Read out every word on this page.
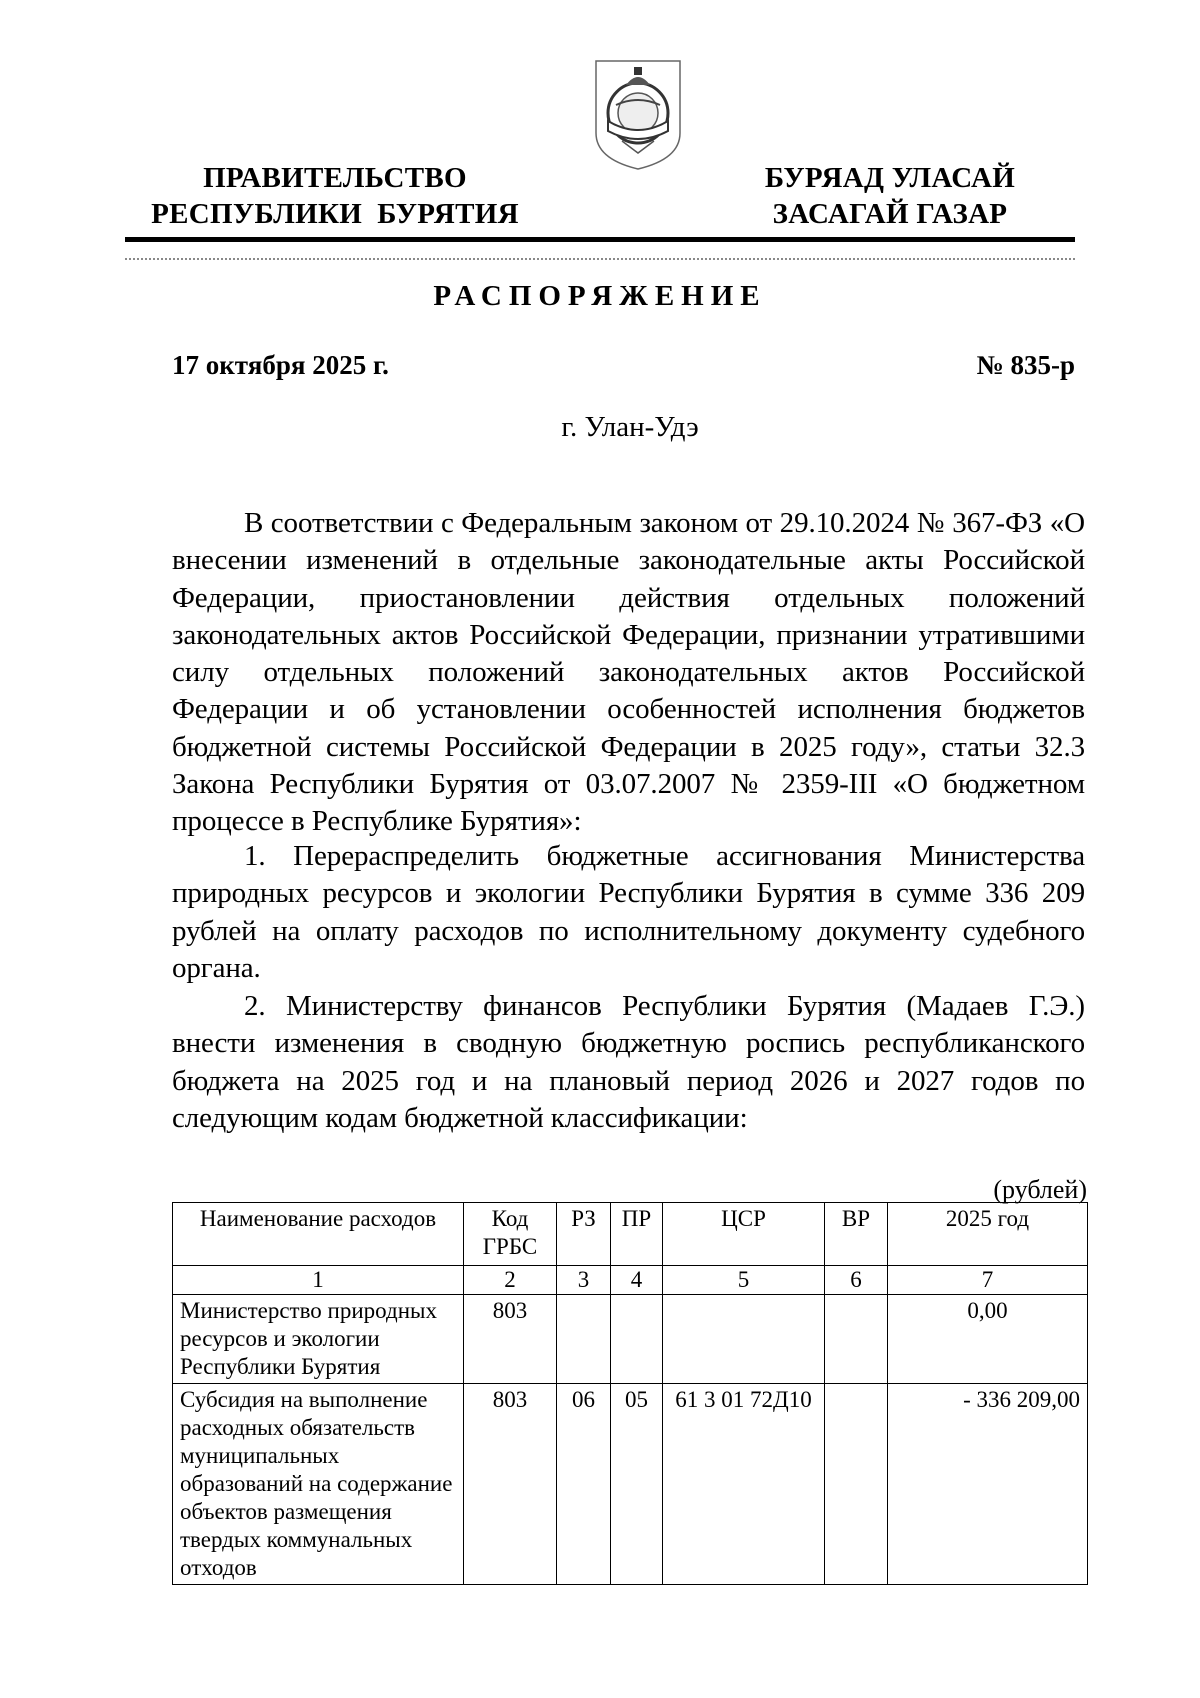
ПРАВИТЕЛЬСТВО
РЕСПУБЛИКИ  БУРЯТИЯ
БУРЯАД УЛАСАЙ
ЗАСАГАЙ ГАЗАР
РАСПОРЯЖЕНИЕ
17 октября 2025 г.	№ 835-р
г. Улан-Удэ

В соответствии с Федеральным законом от 29.10.2024 № 367-ФЗ «О внесении изменений в отдельные законодательные акты Российской Федерации, приостановлении действия отдельных положений законодательных актов Российской Федерации, признании утратившими силу отдельных положений законодательных актов Российской Федерации и об установлении особенностей исполнения бюджетов бюджетной системы Российской Федерации в 2025 году», статьи 32.3 Закона Республики Бурятия от 03.07.2007 № 2359-III «О бюджетном процессе в Республике Бурятия»:

1. Перераспределить бюджетные ассигнования Министерства природных ресурсов и экологии Республики Бурятия в сумме 336 209 рублей на оплату расходов по исполнительному документу судебного органа.

2. Министерству финансов Республики Бурятия (Мадаев Г.Э.) внести изменения в сводную бюджетную роспись республиканского бюджета на 2025 год и на плановый период 2026 и 2027 годов по следующим кодам бюджетной классификации:

(рублей)
Наименование расходов	Код ГРБС	РЗ	ПР	ЦСР	ВР	2025 год
1	2	3	4	5	6	7
Министерство природных ресурсов и экологии Республики Бурятия	803					0,00
Субсидия на выполнение расходных обязательств муниципальных образований на содержание объектов размещения твердых коммунальных отходов	803	06	05	61 3 01 72Д10		- 336 209,00
